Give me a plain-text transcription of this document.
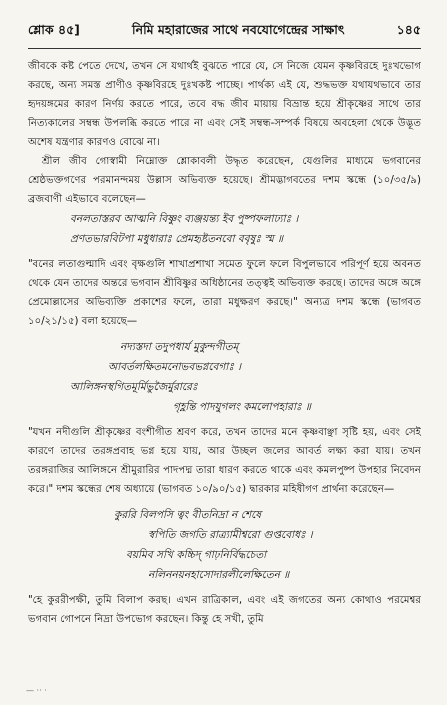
শ্লোক ৪৫]	নিমি মহারাজের সাথে নবযোগেন্দ্রের সাক্ষাৎ	১৪৫

জীবকে কষ্ট পেতে দেখে, তখন সে যথার্থই বুঝতে পারে যে, সে নিজে যেমন কৃষ্ণবিরহে দুঃখভোগ করছে, অন্য সমস্ত প্রাণীও কৃষ্ণবিরহে দুঃখকষ্ট পাচ্ছে। পার্থক্য এই যে, শুদ্ধভক্ত যথাযথভাবে তার হৃদয়ঙ্গমের কারণ নির্ণয় করতে পারে, তবে বদ্ধ জীব মায়ায় বিভ্রান্ত হয়ে শ্রীকৃষ্ণের সাথে তার নিত্যকালের সম্বন্ধ উপলব্ধি করতে পারে না এবং সেই সম্বন্ধ-সম্পর্ক বিষয়ে অবহেলা থেকে উদ্ভূত অশেষ যন্ত্রণার কারণও বোঝে না।

শ্রীল জীব গোস্বামী নিম্নোক্ত শ্লোকাবলী উদ্ধৃত করেছেন, যেগুলির মাধ্যমে ভগবানের শ্রেষ্ঠভক্তগণের পরমানন্দময় উল্লাস অভিব্যক্ত হয়েছে। শ্রীমদ্ভাগবতের দশম স্কন্ধে (১০/৩৫/৯) ব্রজবাণী এইভাবে বলেছেন—

বনলতাস্তরব আত্মনি বিষ্ণুং ব্যঞ্জয়ন্ত্য ইব পুষ্পফলাঢ্যাঃ ।
প্রণতভারবিটপা মধুধারাঃ প্রেমহৃষ্টতনবো ববৃষুঃ স্ম ॥

"বনের লতাগুল্মাদি এবং বৃক্ষগুলি শাখাপ্রশাখা সমেত ফুলে ফলে বিপুলভাবে পরিপূর্ণ হয়ে অবনত থেকে যেন তাদের অন্তরে ভগবান শ্রীবিষ্ণুর অধিষ্ঠানের তত্ত্বই অভিব্যক্ত করছে। তাদের অঙ্গে অঙ্গে প্রেমোল্লাসের অভিব্যক্তি প্রকাশের ফলে, তারা মধুক্ষরণ করছে।" অন্যত্র দশম স্কন্ধে (ভাগবত ১০/২১/১৫) বলা হয়েছে—

নদ্যস্তদা তদুপধার্য মুকুন্দগীতম্
আবর্তলক্ষিতমনোভবভগ্নবেগাঃ ।
আলিঙ্গনস্থগিতমূর্মিভুজৈর্মুরারেঃ
গৃহ্ণন্তি পাদযুগলং কমলোপহারাঃ ॥

"যখন নদীগুলি শ্রীকৃষ্ণের বংশীগীত শ্রবণ করে, তখন তাদের মনে কৃষ্ণবাঞ্ছা সৃষ্টি হয়, এবং সেই কারণে তাদের তরঙ্গপ্রবাহ ভগ্ন হয়ে যায়, আর উচ্ছল জলের আবর্ত লক্ষ্য করা যায়। তখন তরঙ্গরাজির আলিঙ্গনে শ্রীমুরারির পাদপদ্ম তারা ধারণ করতে থাকে এবং কমলপুষ্প উপহার নিবেদন করে।" দশম স্কন্ধের শেষ অধ্যায়ে (ভাগবত ১০/৯০/১৫) দ্বারকার মহিষীগণ প্রার্থনা করেছেন—

কুররি বিলপসি ত্বং বীতনিদ্রা ন শেষে
স্বপিতি জগতি রাত্র্যামীশ্বরো গুপ্তবোধঃ ।
বয়মিব সখি কচ্চিদ্ গাঢ়নির্বিদ্ধচেতা
নলিননয়নহাসোদারলীলেক্ষিতেন ॥

"হে কুররীপক্ষী, তুমি বিলাপ করছ। এখন রাত্রিকাল, এবং এই জগতের অন্য কোথাও পরমেশ্বর ভগবান গোপনে নিদ্রা উপভোগ করছেন। কিন্তু হে সখী, তুমি

— ·· ·
